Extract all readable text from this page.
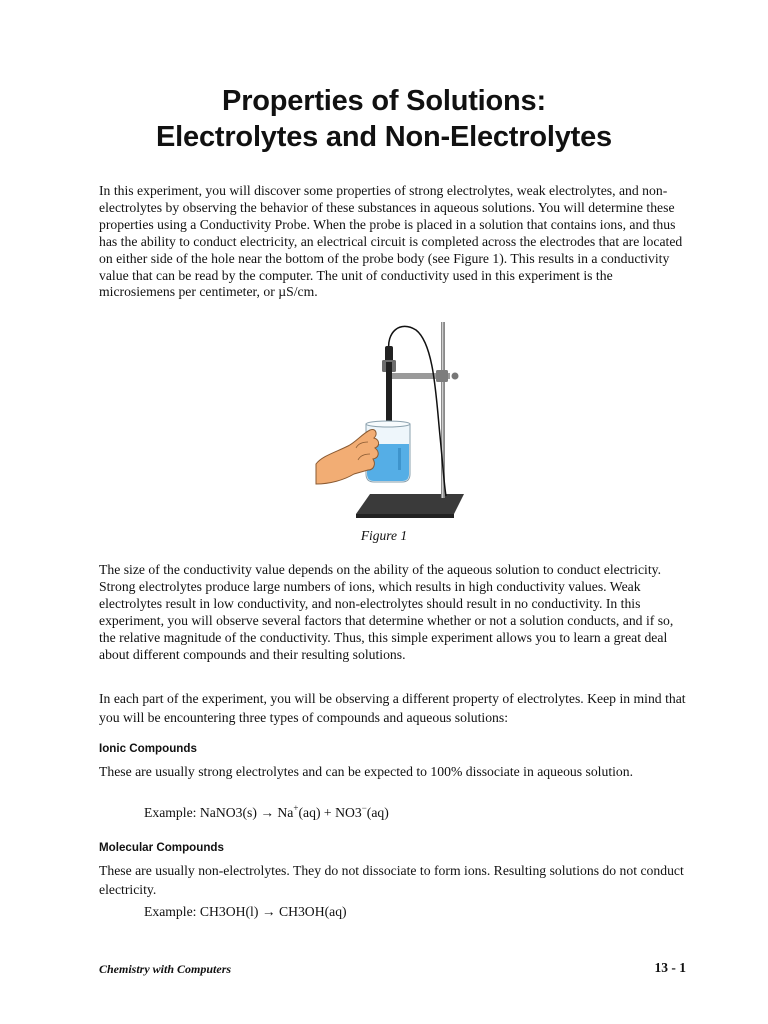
Properties of Solutions:
Electrolytes and Non-Electrolytes

In this experiment, you will discover some properties of strong electrolytes, weak electrolytes, and non-electrolytes by observing the behavior of these substances in aqueous solutions. You will determine these properties using a Conductivity Probe. When the probe is placed in a solution that contains ions, and thus has the ability to conduct electricity, an electrical circuit is completed across the electrodes that are located on either side of the hole near the bottom of the probe body (see Figure 1). This results in a conductivity value that can be read by the computer. The unit of conductivity used in this experiment is the microsiemens per centimeter, or µS/cm.

Figure 1

The size of the conductivity value depends on the ability of the aqueous solution to conduct electricity. Strong electrolytes produce large numbers of ions, which results in high conductivity values. Weak electrolytes result in low conductivity, and non-electrolytes should result in no conductivity. In this experiment, you will observe several factors that determine whether or not a solution conducts, and if so, the relative magnitude of the conductivity. Thus, this simple experiment allows you to learn a great deal about different compounds and their resulting solutions.

In each part of the experiment, you will be observing a different property of electrolytes. Keep in mind that you will be encountering three types of compounds and aqueous solutions:

Ionic Compounds

These are usually strong electrolytes and can be expected to 100% dissociate in aqueous solution.

Example: NaNO3(s) → Na+(aq) + NO3−(aq)

Molecular Compounds

These are usually non-electrolytes. They do not dissociate to form ions. Resulting solutions do not conduct electricity.

Example: CH3OH(l) → CH3OH(aq)

Chemistry with Computers	13 - 1
